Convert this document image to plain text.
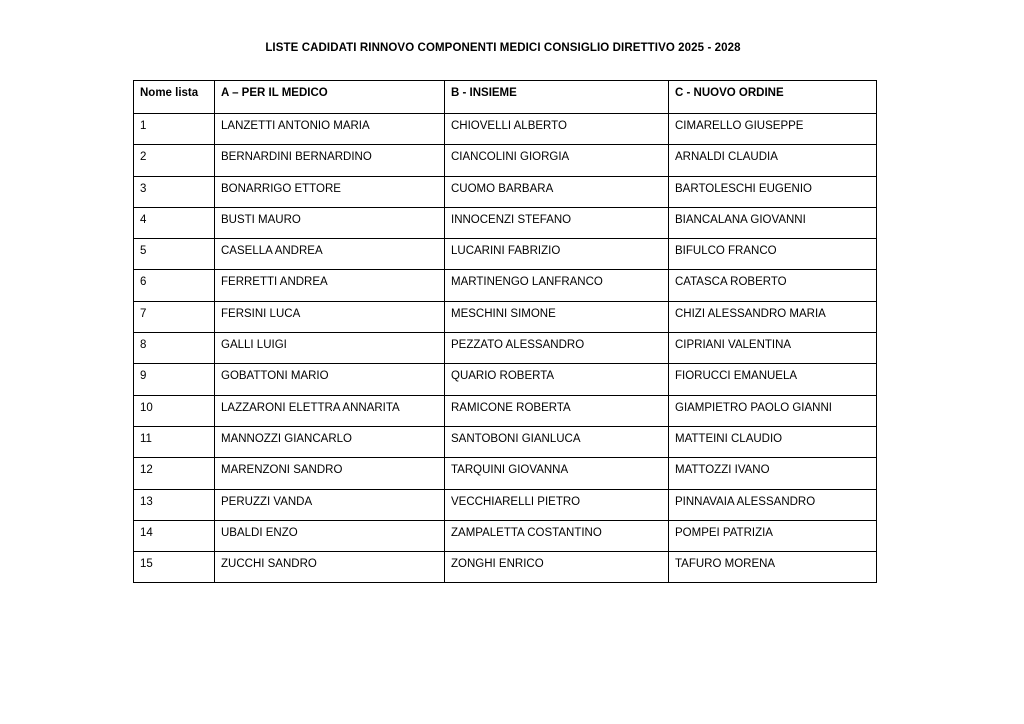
LISTE CADIDATI RINNOVO COMPONENTI MEDICI CONSIGLIO DIRETTIVO 2025 - 2028
Nome lista	A – PER IL MEDICO	B - INSIEME	C - NUOVO ORDINE
1	LANZETTI ANTONIO MARIA	CHIOVELLI ALBERTO	CIMARELLO GIUSEPPE
2	BERNARDINI BERNARDINO	CIANCOLINI GIORGIA	ARNALDI CLAUDIA
3	BONARRIGO ETTORE	CUOMO BARBARA	BARTOLESCHI EUGENIO
4	BUSTI MAURO	INNOCENZI STEFANO	BIANCALANA GIOVANNI
5	CASELLA ANDREA	LUCARINI FABRIZIO	BIFULCO FRANCO
6	FERRETTI ANDREA	MARTINENGO LANFRANCO	CATASCA ROBERTO
7	FERSINI LUCA	MESCHINI SIMONE	CHIZI ALESSANDRO MARIA
8	GALLI LUIGI	PEZZATO ALESSANDRO	CIPRIANI VALENTINA
9	GOBATTONI MARIO	QUARIO ROBERTA	FIORUCCI EMANUELA
10	LAZZARONI ELETTRA ANNARITA	RAMICONE ROBERTA	GIAMPIETRO PAOLO GIANNI
11	MANNOZZI GIANCARLO	SANTOBONI GIANLUCA	MATTEINI CLAUDIO
12	MARENZONI SANDRO	TARQUINI GIOVANNA	MATTOZZI IVANO
13	PERUZZI VANDA	VECCHIARELLI PIETRO	PINNAVAIA ALESSANDRO
14	UBALDI ENZO	ZAMPALETTA COSTANTINO	POMPEI PATRIZIA
15	ZUCCHI SANDRO	ZONGHI ENRICO	TAFURO MORENA
